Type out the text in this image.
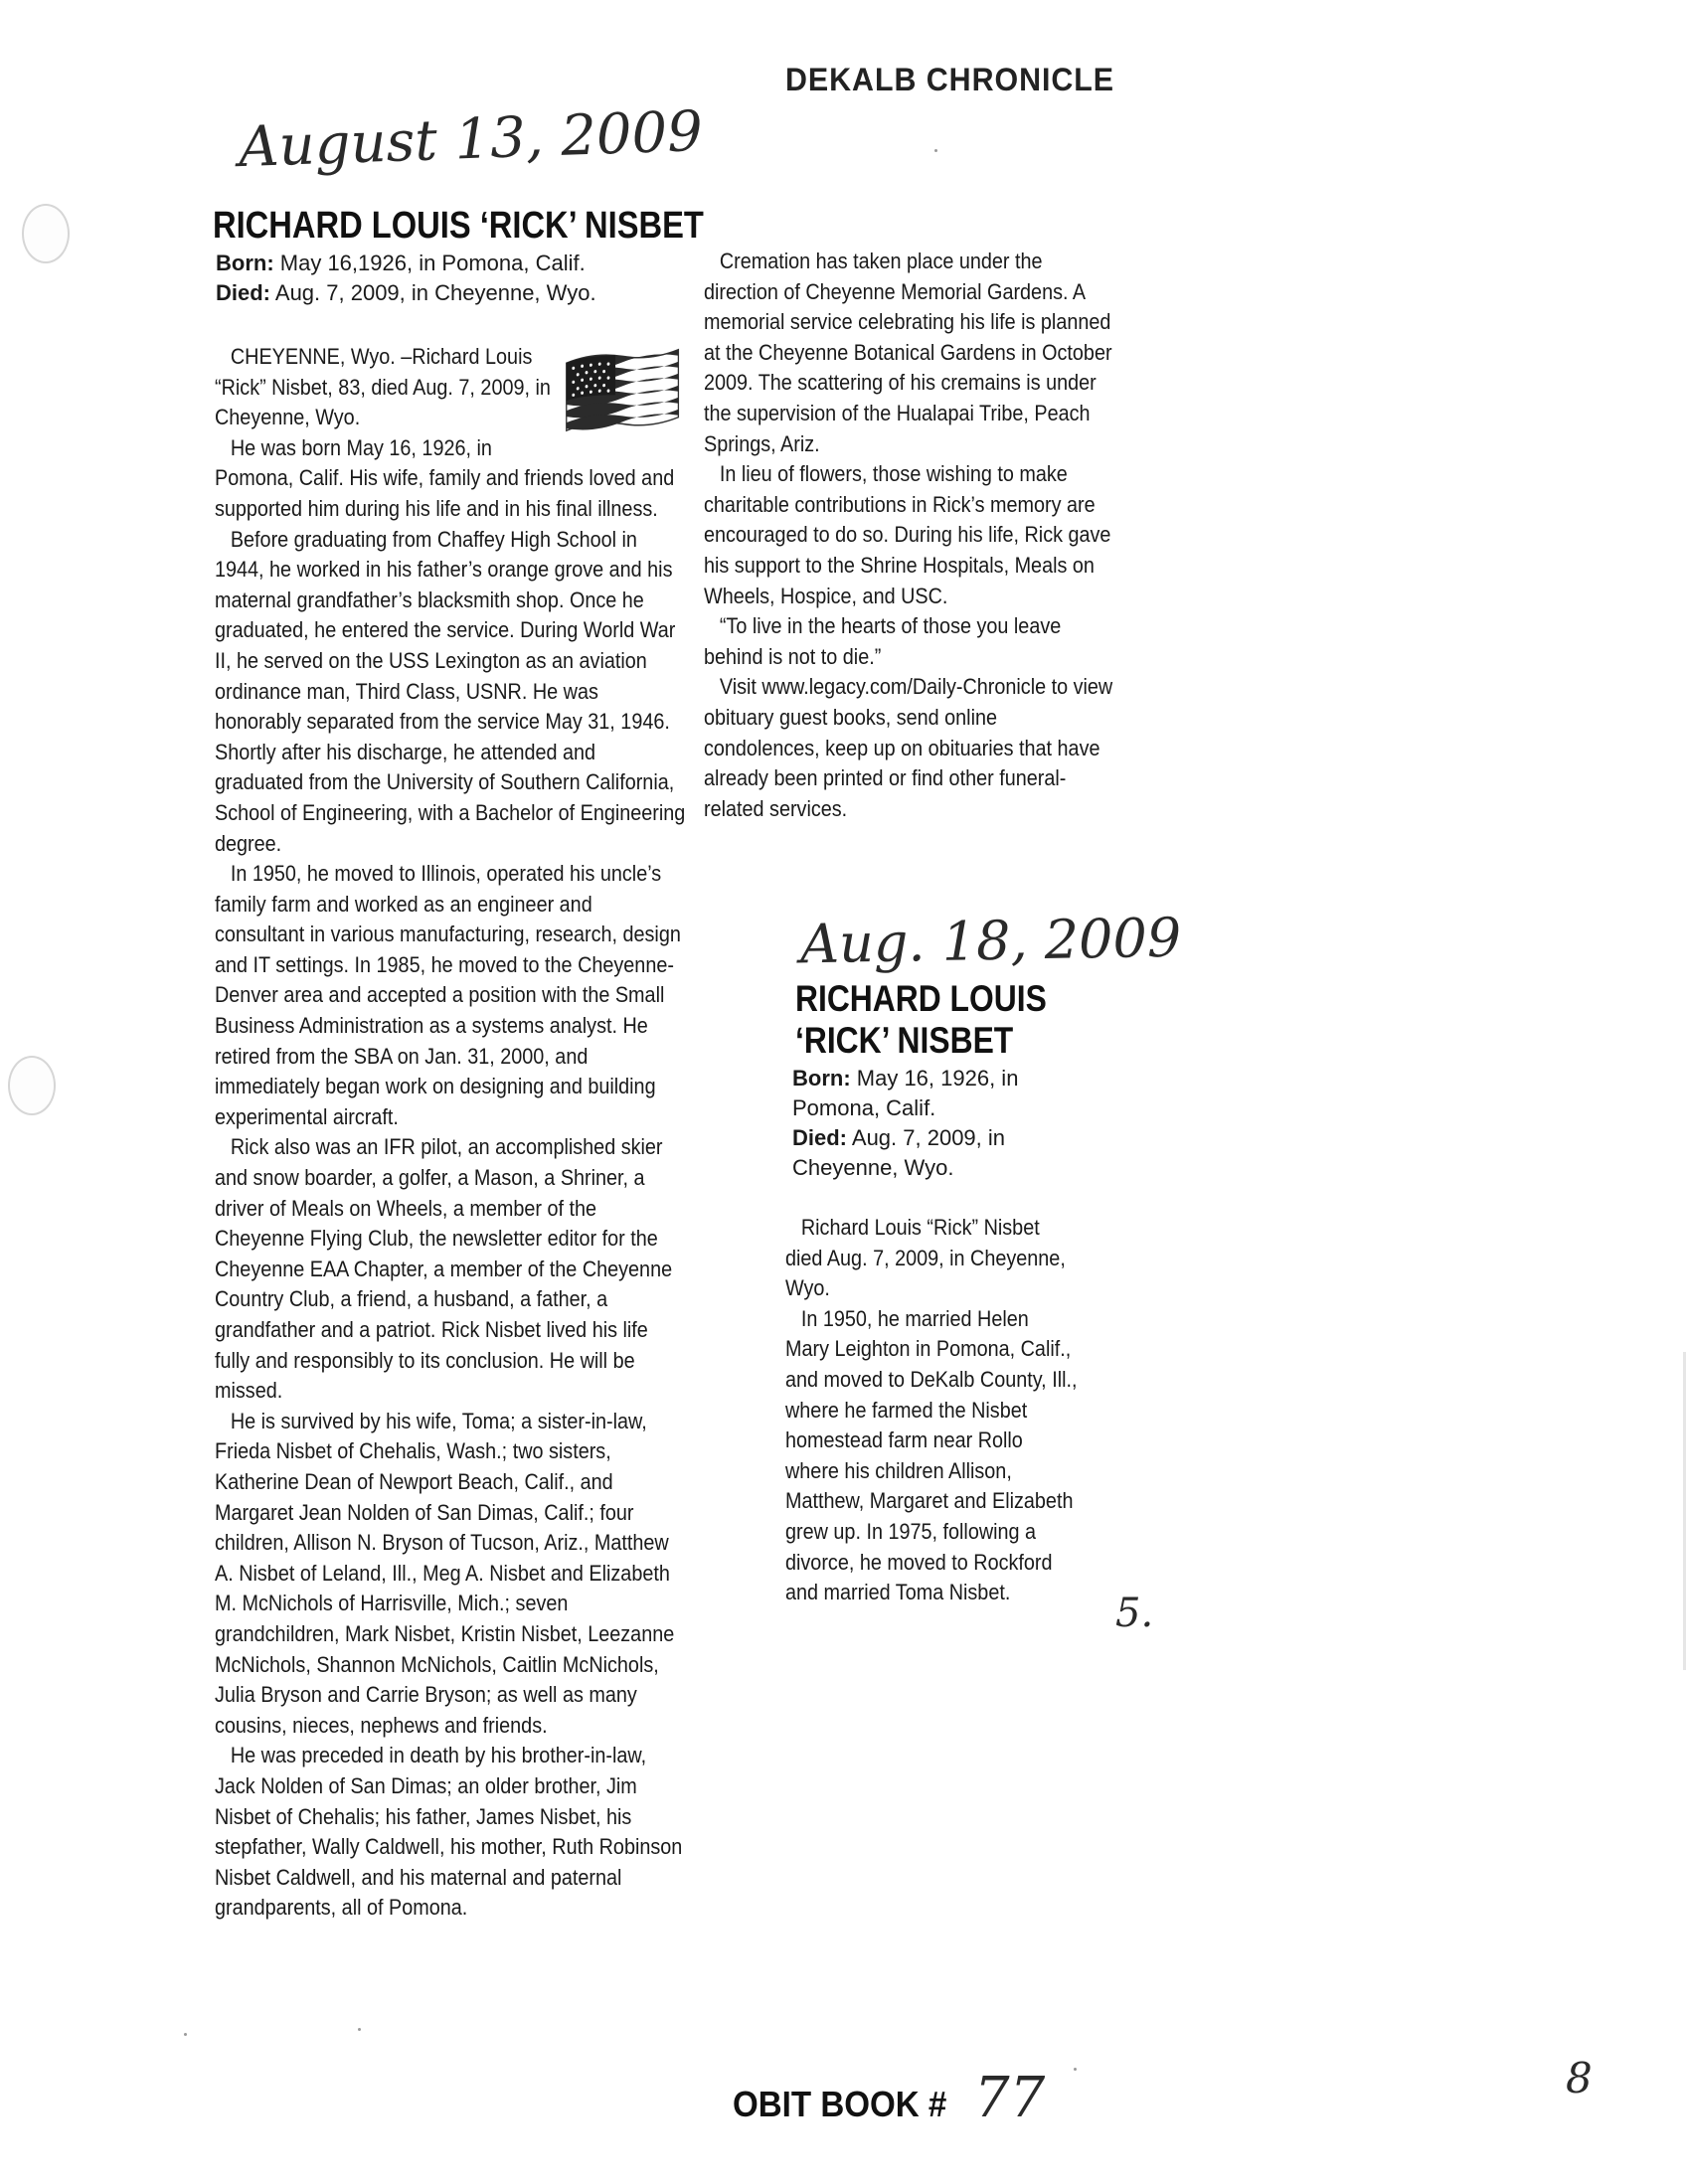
DEKALB CHRONICLE
August 13, 2009
RICHARD LOUIS ‘RICK’ NISBET
Born: May 16,1926, in Pomona, Calif.
Died: Aug. 7, 2009, in Cheyenne, Wyo.

CHEYENNE, Wyo. –Richard Louis “Rick” Nisbet, 83, died Aug. 7, 2009, in Cheyenne, Wyo.

He was born May 16, 1926, in Pomona, Calif. His wife, family and friends loved and supported him during his life and in his final illness.

Before graduating from Chaffey High School in 1944, he worked in his father’s orange grove and his maternal grandfather’s blacksmith shop. Once he graduated, he entered the service. During World War II, he served on the USS Lexington as an aviation ordinance man, Third Class, USNR. He was honorably separated from the service May 31, 1946. Shortly after his discharge, he attended and graduated from the University of Southern California, School of Engineering, with a Bachelor of Engineering degree.

In 1950, he moved to Illinois, operated his uncle’s family farm and worked as an engineer and consultant in various manufacturing, research, design and IT settings. In 1985, he moved to the Cheyenne-Denver area and accepted a position with the Small Business Administration as a systems analyst. He retired from the SBA on Jan. 31, 2000, and immediately began work on designing and building experimental aircraft.

Rick also was an IFR pilot, an accomplished skier and snow boarder, a golfer, a Mason, a Shriner, a driver of Meals on Wheels, a member of the Cheyenne Flying Club, the newsletter editor for the Cheyenne EAA Chapter, a member of the Cheyenne Country Club, a friend, a husband, a father, a grandfather and a patriot. Rick Nisbet lived his life fully and responsibly to its conclusion. He will be missed.

He is survived by his wife, Toma; a sister-in-law, Frieda Nisbet of Chehalis, Wash.; two sisters, Katherine Dean of Newport Beach, Calif., and Margaret Jean Nolden of San Dimas, Calif.; four children, Allison N. Bryson of Tucson, Ariz., Matthew A. Nisbet of Leland, Ill., Meg A. Nisbet and Elizabeth M. McNichols of Harrisville, Mich.; seven grandchildren, Mark Nisbet, Kristin Nisbet, Leezanne McNichols, Shannon McNichols, Caitlin McNichols, Julia Bryson and Carrie Bryson; as well as many cousins, nieces, nephews and friends.

He was preceded in death by his brother-in-law, Jack Nolden of San Dimas; an older brother, Jim Nisbet of Chehalis; his father, James Nisbet, his stepfather, Wally Caldwell, his mother, Ruth Robinson Nisbet Caldwell, and his maternal and paternal grandparents, all of Pomona.

Cremation has taken place under the direction of Cheyenne Memorial Gardens. A memorial service celebrating his life is planned at the Cheyenne Botanical Gardens in October 2009. The scattering of his cremains is under the supervision of the Hualapai Tribe, Peach Springs, Ariz.

In lieu of flowers, those wishing to make charitable contributions in Rick’s memory are encouraged to do so. During his life, Rick gave his support to the Shrine Hospitals, Meals on Wheels, Hospice, and USC.

“To live in the hearts of those you leave behind is not to die.”

Visit www.legacy.com/Daily-Chronicle to view obituary guest books, send online condolences, keep up on obituaries that have already been printed or find other funeral-related services.

Aug. 18, 2009
RICHARD LOUIS ‘RICK’ NISBET
Born: May 16, 1926, in Pomona, Calif.
Died: Aug. 7, 2009, in Cheyenne, Wyo.

Richard Louis “Rick” Nisbet died Aug. 7, 2009, in Cheyenne, Wyo.

In 1950, he married Helen Mary Leighton in Pomona, Calif., and moved to DeKalb County, Ill., where he farmed the Nisbet homestead farm near Rollo where his children Allison, Matthew, Margaret and Elizabeth grew up. In 1975, following a divorce, he moved to Rockford and married Toma Nisbet.	5.
OBIT BOOK # 77	8
